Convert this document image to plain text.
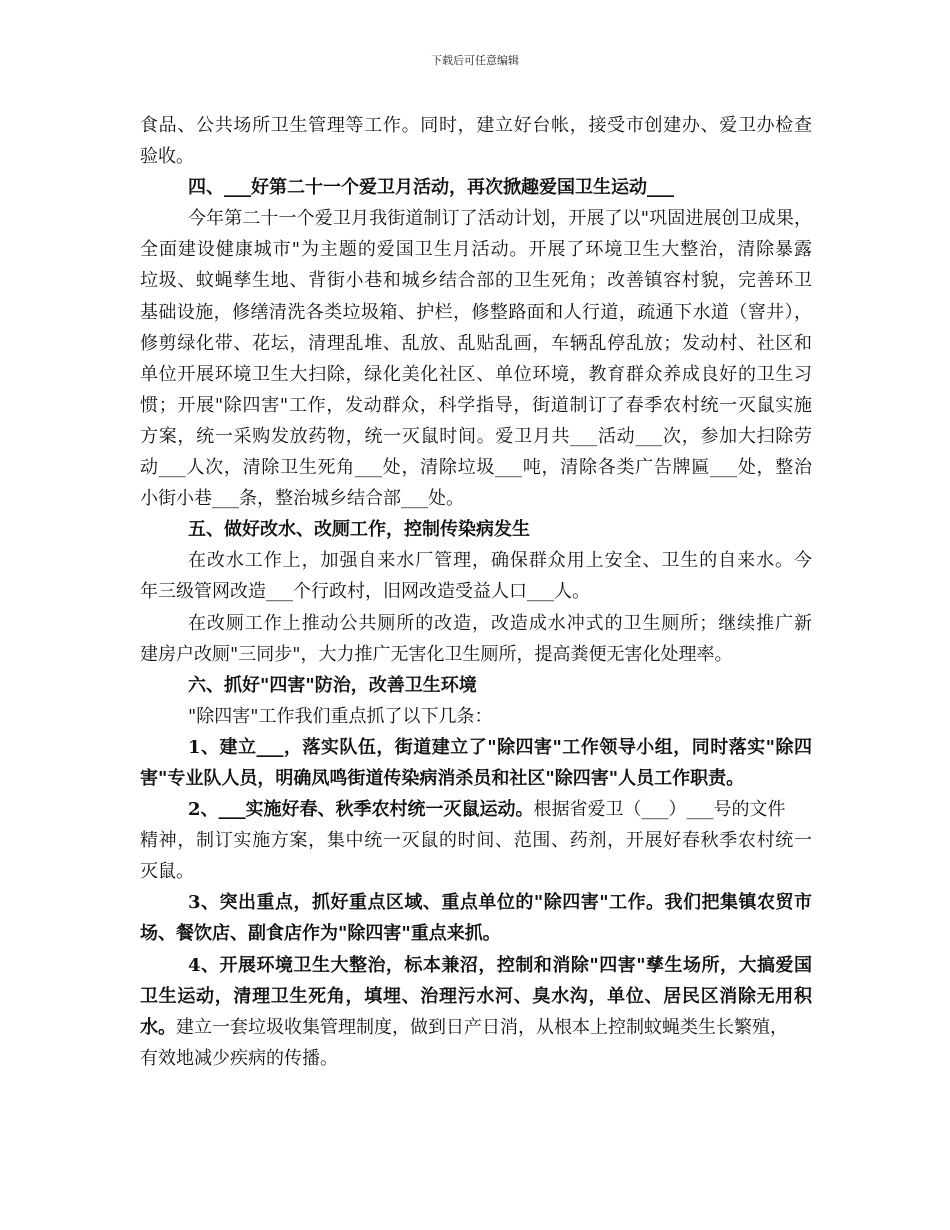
下载后可任意编辑
食品、公共场所卫生管理等工作。同时，建立好台帐，接受市创建办、爱卫办检查
验收。
四、___好第二十一个爱卫月活动，再次掀趣爱国卫生运动___
今年第二十一个爱卫月我街道制订了活动计划，开展了以"巩固进展创卫成果，
全面建设健康城市"为主题的爱国卫生月活动。开展了环境卫生大整治，清除暴露
垃圾、蚊蝇孳生地、背街小巷和城乡结合部的卫生死角；改善镇容村貌，完善环卫
基础设施，修缮清洗各类垃圾箱、护栏，修整路面和人行道，疏通下水道（窨井），
修剪绿化带、花坛，清理乱堆、乱放、乱贴乱画，车辆乱停乱放；发动村、社区和
单位开展环境卫生大扫除，绿化美化社区、单位环境，教育群众养成良好的卫生习
惯；开展"除四害"工作，发动群众，科学指导，街道制订了春季农村统一灭鼠实施
方案，统一采购发放药物，统一灭鼠时间。爱卫月共___活动___次，参加大扫除劳
动___人次，清除卫生死角___处，清除垃圾___吨，清除各类广告牌匾___处，整治
小街小巷___条，整治城乡结合部___处。
五、做好改水、改厕工作，控制传染病发生
在改水工作上，加强自来水厂管理，确保群众用上安全、卫生的自来水。今
年三级管网改造___个行政村，旧网改造受益人口___人。
在改厕工作上推动公共厕所的改造，改造成水冲式的卫生厕所；继续推广新
建房户改厕"三同步"，大力推广无害化卫生厕所，提高粪便无害化处理率。
六、抓好"四害"防治，改善卫生环境
"除四害"工作我们重点抓了以下几条：
1、建立___，落实队伍，街道建立了"除四害"工作领导小组，同时落实"除四
害"专业队人员，明确凤鸣街道传染病消杀员和社区"除四害"人员工作职责。
2、___实施好春、秋季农村统一灭鼠运动。根据省爱卫（___）___号的文件
精神，制订实施方案，集中统一灭鼠的时间、范围、药剂，开展好春秋季农村统一
灭鼠。
3、突出重点，抓好重点区域、重点单位的"除四害"工作。我们把集镇农贸市
场、餐饮店、副食店作为"除四害"重点来抓。
4、开展环境卫生大整治，标本兼沼，控制和消除"四害"孳生场所，大搞爱国
卫生运动，清理卫生死角，填埋、治理污水河、臭水沟，单位、居民区消除无用积
水。建立一套垃圾收集管理制度，做到日产日消，从根本上控制蚊蝇类生长繁殖，
有效地减少疾病的传播。
